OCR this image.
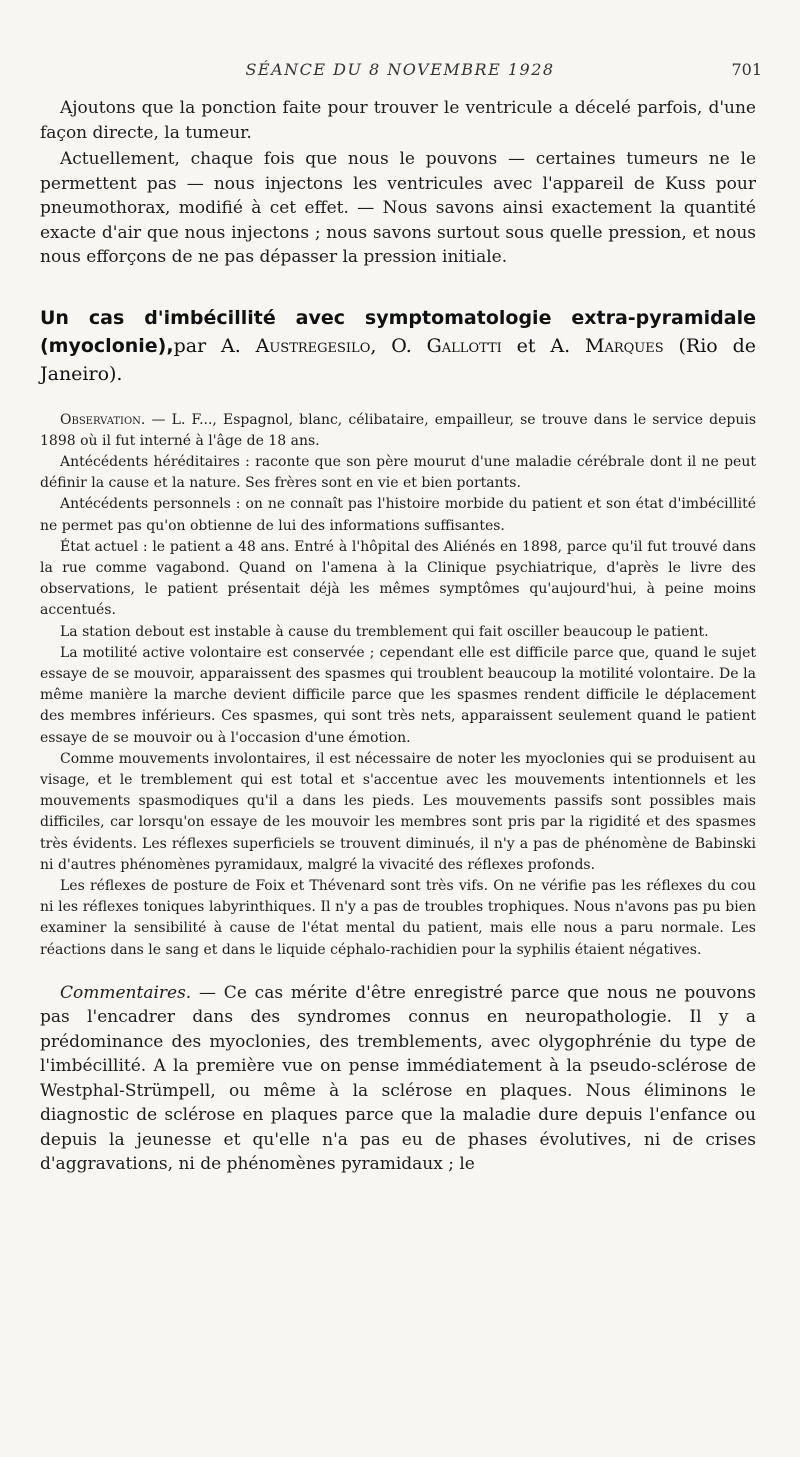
SÉANCE DU 8 NOVEMBRE 1928	701

Ajoutons que la ponction faite pour trouver le ventricule a décelé parfois, d'une façon directe, la tumeur.

Actuellement, chaque fois que nous le pouvons — certaines tumeurs ne le permettent pas — nous injectons les ventricules avec l'appareil de Kuss pour pneumothorax, modifié à cet effet. — Nous savons ainsi exactement la quantité exacte d'air que nous injectons ; nous savons surtout sous quelle pression, et nous nous efforçons de ne pas dépasser la pression initiale.

Un cas d'imbécillité avec symptomatologie extra-pyramidale (myoclonie),par A. Austregesilo, O. Gallotti et A. Marques (Rio de Janeiro).

Observation. — L. F..., Espagnol, blanc, célibataire, empailleur, se trouve dans le service depuis 1898 où il fut interné à l'âge de 18 ans.

Antécédents héréditaires : raconte que son père mourut d'une maladie cérébrale dont il ne peut définir la cause et la nature. Ses frères sont en vie et bien portants.

Antécédents personnels : on ne connaît pas l'histoire morbide du patient et son état d'imbécillité ne permet pas qu'on obtienne de lui des informations suffisantes.

État actuel : le patient a 48 ans. Entré à l'hôpital des Aliénés en 1898, parce qu'il fut trouvé dans la rue comme vagabond. Quand on l'amena à la Clinique psychiatrique, d'après le livre des observations, le patient présentait déjà les mêmes symptômes qu'aujourd'hui, à peine moins accentués.

La station debout est instable à cause du tremblement qui fait osciller beaucoup le patient.

La motilité active volontaire est conservée ; cependant elle est difficile parce que, quand le sujet essaye de se mouvoir, apparaissent des spasmes qui troublent beaucoup la motilité volontaire. De la même manière la marche devient difficile parce que les spasmes rendent difficile le déplacement des membres inférieurs. Ces spasmes, qui sont très nets, apparaissent seulement quand le patient essaye de se mouvoir ou à l'occasion d'une émotion.

Comme mouvements involontaires, il est nécessaire de noter les myoclonies qui se produisent au visage, et le tremblement qui est total et s'accentue avec les mouvements intentionnels et les mouvements spasmodiques qu'il a dans les pieds. Les mouvements passifs sont possibles mais difficiles, car lorsqu'on essaye de les mouvoir les membres sont pris par la rigidité et des spasmes très évidents. Les réflexes superficiels se trouvent diminués, il n'y a pas de phénomène de Babinski ni d'autres phénomènes pyramidaux, malgré la vivacité des réflexes profonds.

Les réflexes de posture de Foix et Thévenard sont très vifs. On ne vérifie pas les réflexes du cou ni les réflexes toniques labyrinthiques. Il n'y a pas de troubles trophiques. Nous n'avons pas pu bien examiner la sensibilité à cause de l'état mental du patient, mais elle nous a paru normale. Les réactions dans le sang et dans le liquide céphalo-rachidien pour la syphilis étaient négatives.

Commentaires. — Ce cas mérite d'être enregistré parce que nous ne pouvons pas l'encadrer dans des syndromes connus en neuropathologie. Il y a prédominance des myoclonies, des tremblements, avec olygophrénie du type de l'imbécillité. A la première vue on pense immédiatement à la pseudo-sclérose de Westphal-Strümpell, ou même à la sclérose en plaques. Nous éliminons le diagnostic de sclérose en plaques parce que la maladie dure depuis l'enfance ou depuis la jeunesse et qu'elle n'a pas eu de phases évolutives, ni de crises d'aggravations, ni de phénomènes pyramidaux ; le
